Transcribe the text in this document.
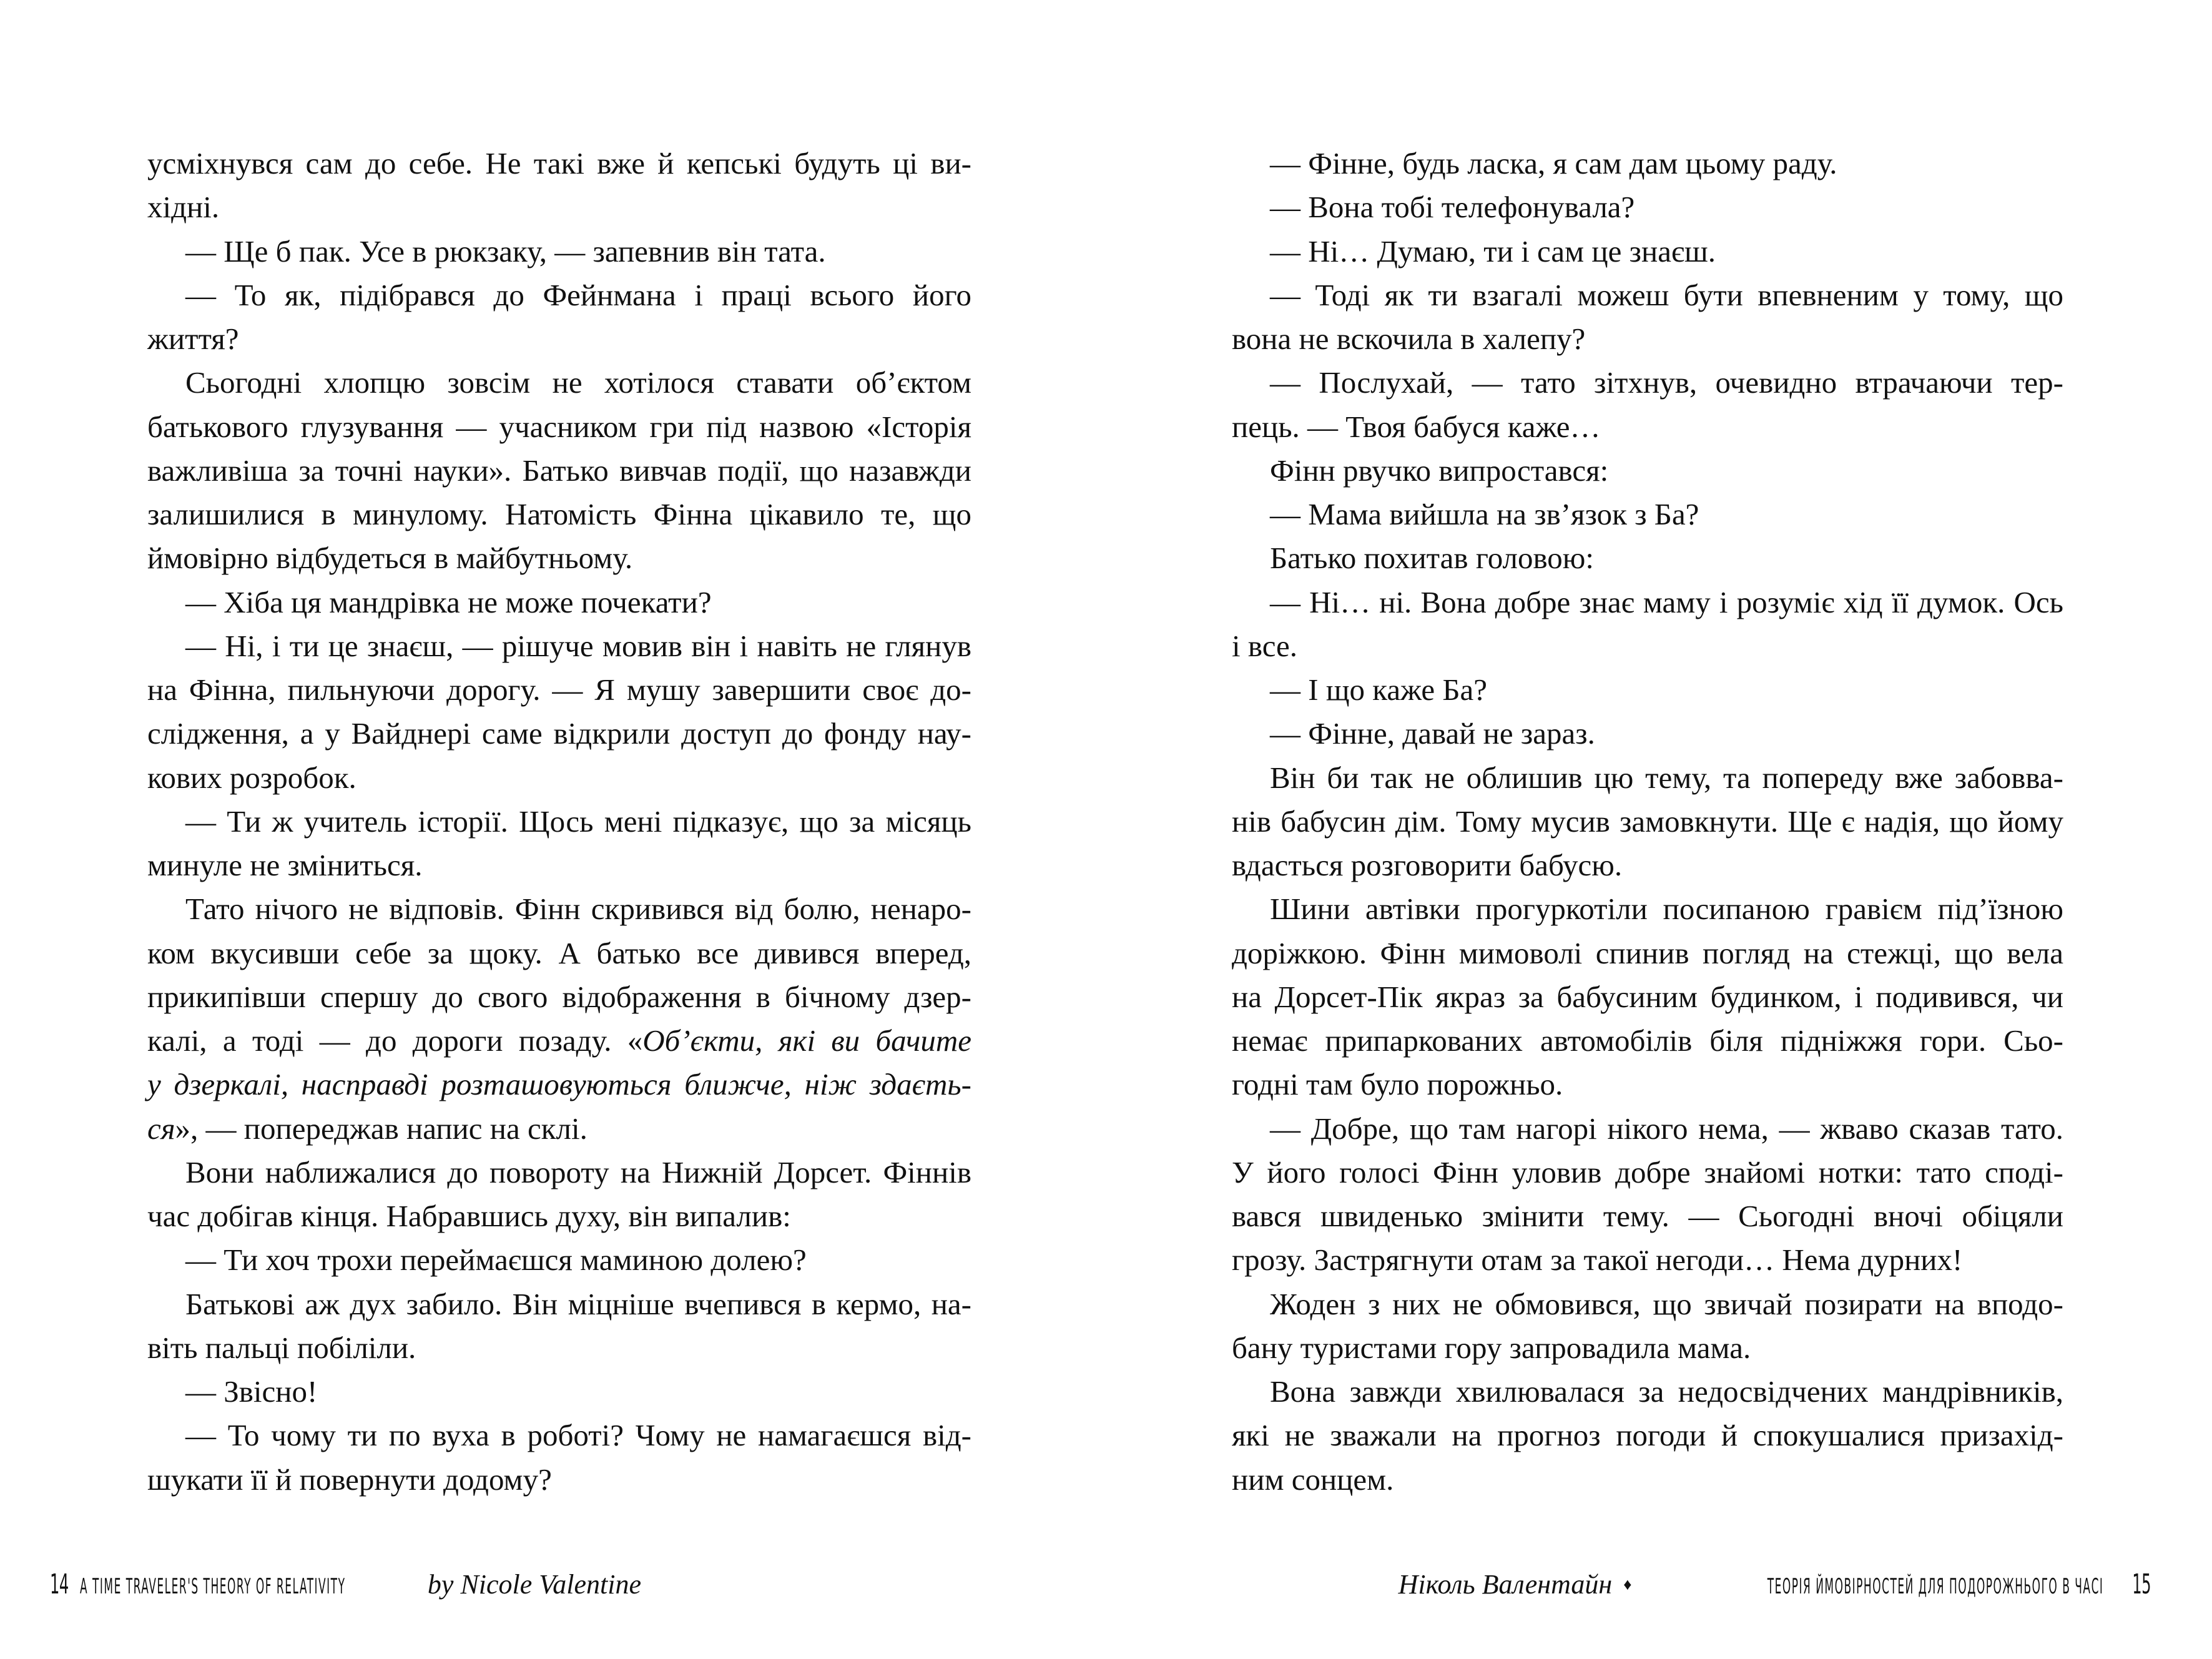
усміхнувся сам до себе. Не такі вже й кепські будуть ці ви-
хідні.
— Ще б пак. Усе в рюкзаку, — запевнив він тата.
— То як, підібрався до Фейнмана і праці всього його
життя?
Сьогодні хлопцю зовсім не хотілося ставати об’єктом
батькового глузування — учасником гри під назвою «Історія
важливіша за точні науки». Батько вивчав події, що назавжди
залишилися в минулому. Натомість Фінна цікавило те, що
ймовірно відбудеться в майбутньому.
— Хіба ця мандрівка не може почекати?
— Ні, і ти це знаєш, — рішуче мовив він і навіть не глянув
на Фінна, пильнуючи дорогу. — Я мушу завершити своє до-
слідження, а у Вайднері саме відкрили доступ до фонду нау-
кових розробок.
— Ти ж учитель історії. Щось мені підказує, що за місяць
минуле не зміниться.
Тато нічого не відповів. Фінн скривився від болю, ненаро-
ком вкусивши себе за щоку. А батько все дивився вперед,
прикипівши спершу до свого відображення в бічному дзер-
калі, а тоді — до дороги позаду. «Об’єкти, які ви бачите
у дзеркалі, насправді розташовуються ближче, ніж здаєть-
ся», — попереджав напис на склі.
Вони наближалися до повороту на Нижній Дорсет. Фіннів
час добігав кінця. Набравшись духу, він випалив:
— Ти хоч трохи переймаєшся маминою долею?
Батькові аж дух забило. Він міцніше вчепився в кермо, на-
віть пальці побіліли.
— Звісно!
— То чому ти по вуха в роботі? Чому не намагаєшся від-
шукати її й повернути додому?
14 A TIME TRAVELER'S THEORY OF RELATIVITY	by Nicole Valentine
— Фінне, будь ласка, я сам дам цьому раду.
— Вона тобі телефонувала?
— Ні… Думаю, ти і сам це знаєш.
— Тоді як ти взагалі можеш бути впевненим у тому, що
вона не вскочила в халепу?
— Послухай, — тато зітхнув, очевидно втрачаючи тер-
пець. — Твоя бабуся каже…
Фінн рвучко випростався:
— Мама вийшла на зв’язок з Ба?
Батько похитав головою:
— Ні… ні. Вона добре знає маму і розуміє хід її думок. Ось
і все.
— І що каже Ба?
— Фінне, давай не зараз.
Він би так не облишив цю тему, та попереду вже забовва-
нів бабусин дім. Тому мусив замовкнути. Ще є надія, що йому
вдасться розговорити бабусю.
Шини автівки прогуркотіли посипаною гравієм під’їзною
доріжкою. Фінн мимоволі спинив погляд на стежці, що вела
на Дорсет-Пік якраз за бабусиним будинком, і подивився, чи
немає припаркованих автомобілів біля підніжжя гори. Сьо-
годні там було порожньо.
— Добре, що там нагорі нікого нема, — жваво сказав тато.
У його голосі Фінн уловив добре знайомі нотки: тато сподi-
вався швиденько змінити тему. — Сьогодні вночі обіцяли
грозу. Застрягнути отам за такої негоди… Нема дурних!
Жоден з них не обмовився, що звичай позирати на вподо-
бану туристами гору запровадила мама.
Вона завжди хвилювалася за недосвідчених мандрівників,
які не зважали на прогноз погоди й спокушалися призахід-
ним сонцем.
Ніколь Валентайн ♦	ТЕОРІЯ ЙМОВІРНОСТЕЙ ДЛЯ ПОДОРОЖНЬОГО В ЧАСІ 15
